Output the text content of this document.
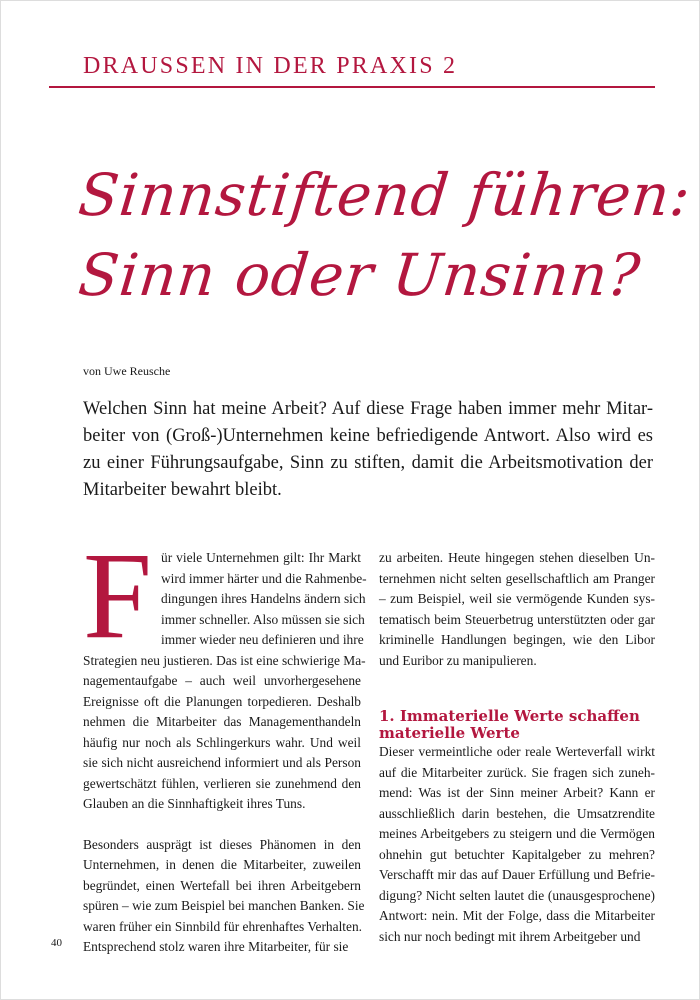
DRAUSSEN IN DER PRAXIS 2
Sinnstiftend führen:
Sinn oder Unsinn?
von Uwe Reusche
Welchen Sinn hat meine Arbeit? Auf diese Frage haben immer mehr Mitar-
beiter von (Groß-)Unternehmen keine befriedigende Antwort. Also wird es
zu einer Führungsaufgabe, Sinn zu stiften, damit die Arbeitsmotivation der
Mitarbeiter bewahrt bleibt.
F ür viele Unternehmen gilt: Ihr Markt
wird immer härter und die Rahmenbe-
dingungen ihres Handelns ändern sich
immer schneller. Also müssen sie sich
immer wieder neu definieren und ihre
Strategien neu justieren. Das ist eine schwierige Ma-
nagementaufgabe – auch weil unvorhergesehene
Ereignisse oft die Planungen torpedieren. Deshalb
nehmen die Mitarbeiter das Managementhandeln
häufig nur noch als Schlingerkurs wahr. Und weil
sie sich nicht ausreichend informiert und als Person
gewertschätzt fühlen, verlieren sie zunehmend den
Glauben an die Sinnhaftigkeit ihres Tuns.
Besonders ausprägt ist dieses Phänomen in den
Unternehmen, in denen die Mitarbeiter, zuweilen
begründet, einen Wertefall bei ihren Arbeitgebern
spüren – wie zum Beispiel bei manchen Banken. Sie
waren früher ein Sinnbild für ehrenhaftes Verhalten.
Entsprechend stolz waren ihre Mitarbeiter, für sie
zu arbeiten. Heute hingegen stehen dieselben Un-
ternehmen nicht selten gesellschaftlich am Pranger
– zum Beispiel, weil sie vermögende Kunden sys-
tematisch beim Steuerbetrug unterstützten oder gar
kriminelle Handlungen begingen, wie den Libor
und Euribor zu manipulieren.
1. Immaterielle Werte schaffen
materielle Werte
Dieser vermeintliche oder reale Werteverfall wirkt
auf die Mitarbeiter zurück. Sie fragen sich zuneh-
mend: Was ist der Sinn meiner Arbeit? Kann er
ausschließlich darin bestehen, die Umsatzrendite
meines Arbeitgebers zu steigern und die Vermögen
ohnehin gut betuchter Kapitalgeber zu mehren?
Verschafft mir das auf Dauer Erfüllung und Befrie-
digung? Nicht selten lautet die (unausgesprochene)
Antwort: nein. Mit der Folge, dass die Mitarbeiter
sich nur noch bedingt mit ihrem Arbeitgeber und
40
